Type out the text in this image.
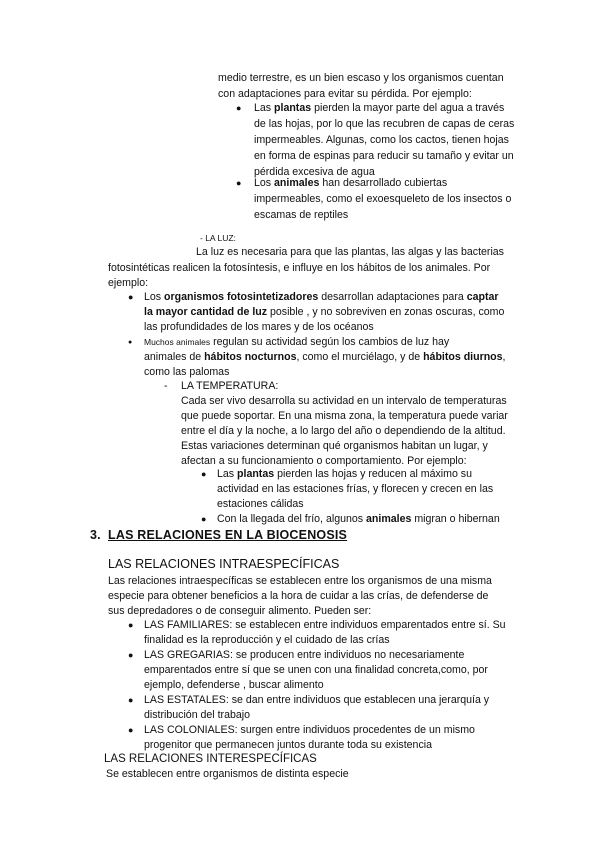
medio terrestre, es un bien escaso y los organismos cuentan
con adaptaciones para evitar su pérdida. Por ejemplo:
● Las plantas pierden la mayor parte del agua a través
de las hojas, por lo que las recubren de capas de ceras
impermeables. Algunas, como los cactos, tienen hojas
en forma de espinas para reducir su tamaño y evitar un
pérdida excesiva de agua
● Los animales han desarrollado cubiertas
impermeables, como el exoesqueleto de los insectos o
escamas de reptiles
- LA LUZ:
La luz es necesaria para que las plantas, las algas y las bacterias
fotosintéticas realicen la fotosíntesis, e influye en los hábitos de los animales. Por
ejemplo:
● Los organismos fotosintetizadores desarrollan adaptaciones para captar
la mayor cantidad de luz posible , y no sobreviven en zonas oscuras, como
las profundidades de los mares y de los océanos
● Muchos animales regulan su actividad según los cambios de luz hay
animales de hábitos nocturnos, como el murciélago, y de hábitos diurnos,
como las palomas
- LA TEMPERATURA:
Cada ser vivo desarrolla su actividad en un intervalo de temperaturas
que puede soportar. En una misma zona, la temperatura puede variar
entre el día y la noche, a lo largo del año o dependiendo de la altitud.
Estas variaciones determinan qué organismos habitan un lugar, y
afectan a su funcionamiento o comportamiento. Por ejemplo:
● Las plantas pierden las hojas y reducen al máximo su
actividad en las estaciones frías, y florecen y crecen en las
estaciones cálidas
● Con la llegada del frío, algunos animales migran o hibernan
3. LAS RELACIONES EN LA BIOCENOSIS
LAS RELACIONES INTRAESPECÍFICAS
Las relaciones intraespecíficas se establecen entre los organismos de una misma
especie para obtener beneficios a la hora de cuidar a las crías, de defenderse de
sus depredadores o de conseguir alimento. Pueden ser:
● LAS FAMILIARES: se establecen entre individuos emparentados entre sí. Su
finalidad es la reproducción y el cuidado de las crías
● LAS GREGARIAS: se producen entre individuos no necesariamente
emparentados entre sí que se unen con una finalidad concreta,como, por
ejemplo, defenderse , buscar alimento
● LAS ESTATALES: se dan entre individuos que establecen una jerarquía y
distribución del trabajo
● LAS COLONIALES: surgen entre individuos procedentes de un mismo
progenitor que permanecen juntos durante toda su existencia
LAS RELACIONES INTERESPECÍFICAS
Se establecen entre organismos de distinta especie
